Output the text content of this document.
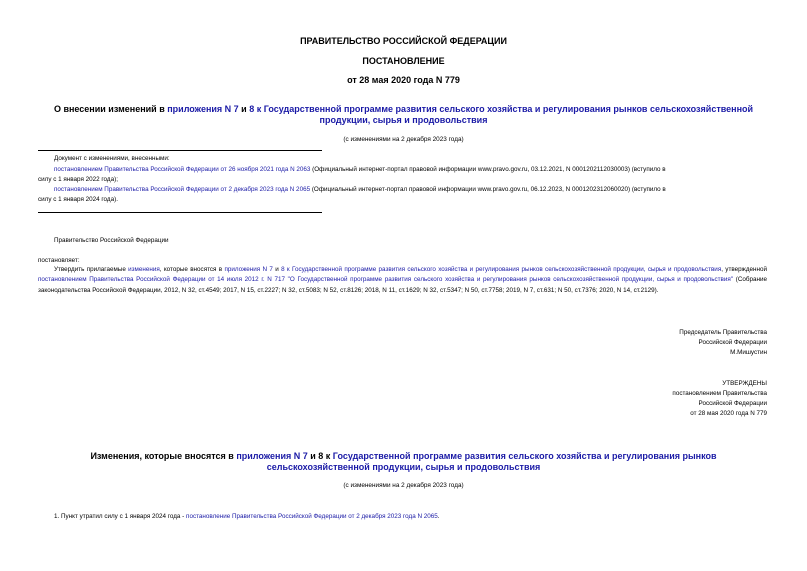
ПРАВИТЕЛЬСТВО РОССИЙСКОЙ ФЕДЕРАЦИИ
ПОСТАНОВЛЕНИЕ
от 28 мая 2020 года N 779
О внесении изменений в приложения N 7 и 8 к Государственной программе развития сельского хозяйства и регулирования рынков сельскохозяйственной продукции, сырья и продовольствия
(с изменениями на 2 декабря 2023 года)
Документ с изменениями, внесенными:
постановлением Правительства Российской Федерации от 26 ноября 2021 года N 2063 (Официальный интернет-портал правовой информации www.pravo.gov.ru, 03.12.2021, N 0001202112030003) (вступило в
силу с 1 января 2022 года);
постановлением Правительства Российской Федерации от 2 декабря 2023 года N 2065 (Официальный интернет-портал правовой информации www.pravo.gov.ru, 06.12.2023, N 0001202312060020) (вступило в
силу с 1 января 2024 года).
Правительство Российской Федерации
постановляет:
Утвердить прилагаемые изменения, которые вносятся в приложения N 7 и 8 к Государственной программе развития сельского хозяйства и регулирования рынков сельскохозяйственной продукции, сырья и продовольствия, утвержденной постановлением Правительства Российской Федерации от 14 июля 2012 г. N 717 "О Государственной программе развития сельского хозяйства и регулирования рынков сельскохозяйственной продукции, сырья и продовольствия" (Собрание законодательства Российской Федерации, 2012, N 32, ст.4549; 2017, N 15, ст.2227; N 32, ст.5083; N 52, ст.8126; 2018, N 11, ст.1629; N 32, ст.5347; N 50, ст.7758; 2019, N 7, ст.631; N 50, ст.7376; 2020, N 14, ст.2129).
Председатель Правительства
Российской Федерации
М.Мишустин
УТВЕРЖДЕНЫ
постановлением Правительства
Российской Федерации
от 28 мая 2020 года N 779
Изменения, которые вносятся в приложения N 7 и 8 к Государственной программе развития сельского хозяйства и регулирования рынков сельскохозяйственной продукции, сырья и продовольствия
(с изменениями на 2 декабря 2023 года)
1. Пункт утратил силу с 1 января 2024 года - постановление Правительства Российской Федерации от 2 декабря 2023 года N 2065.
